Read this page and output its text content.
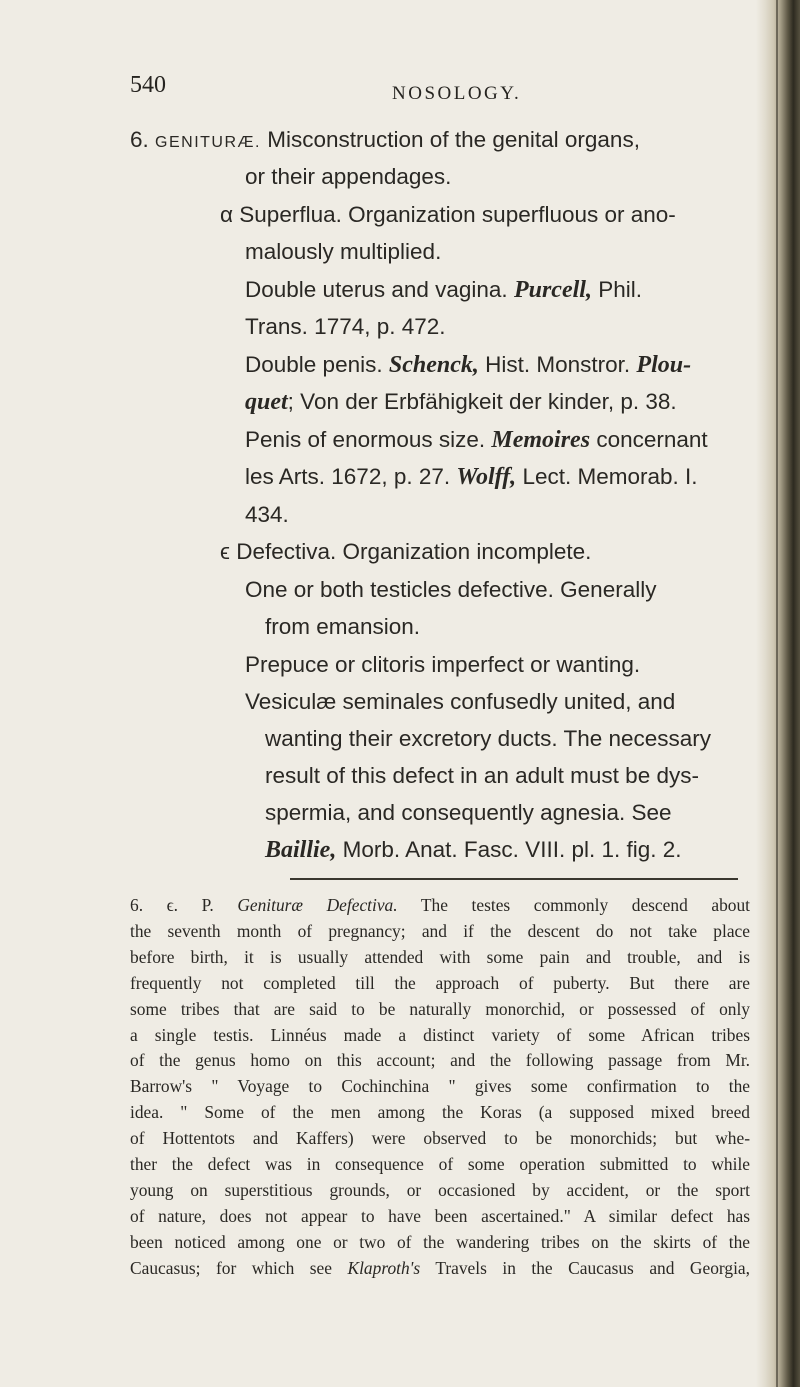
540	NOSOLOGY.
6. GENITURÆ. Misconstruction of the genital organs,
or their appendages.
α Superflua. Organization superfluous or ano-
malously multiplied.
Double uterus and vagina. Purcell, Phil.
Trans. 1774, p. 472.
Double penis. Schenck, Hist. Monstror. Plou-
quet; Von der Erbfähigkeit der kinder, p. 38.
Penis of enormous size. Memoires concernant
les Arts. 1672, p. 27. Wolff, Lect. Memorab. I.
434.
ϵ Defectiva. Organization incomplete.
One or both testicles defective. Generally
from emansion.
Prepuce or clitoris imperfect or wanting.
Vesiculæ seminales confusedly united, and
wanting their excretory ducts. The necessary
result of this defect in an adult must be dys-
spermia, and consequently agnesia. See
Baillie, Morb. Anat. Fasc. VIII. pl. 1. fig. 2.
6. ϵ. P. Genituræ Defectiva. The testes commonly descend about
the seventh month of pregnancy; and if the descent do not take place
before birth, it is usually attended with some pain and trouble, and is
frequently not completed till the approach of puberty. But there are
some tribes that are said to be naturally monorchid, or possessed of only
a single testis. Linnéus made a distinct variety of some African tribes
of the genus homo on this account; and the following passage from Mr.
Barrow's " Voyage to Cochinchina " gives some confirmation to the
idea. " Some of the men among the Koras (a supposed mixed breed
of Hottentots and Kaffers) were observed to be monorchids; but whe-
ther the defect was in consequence of some operation submitted to while
young on superstitious grounds, or occasioned by accident, or the sport
of nature, does not appear to have been ascertained." A similar defect has
been noticed among one or two of the wandering tribes on the skirts of the
Caucasus; for which see Klaproth's Travels in the Caucasus and Georgia,
